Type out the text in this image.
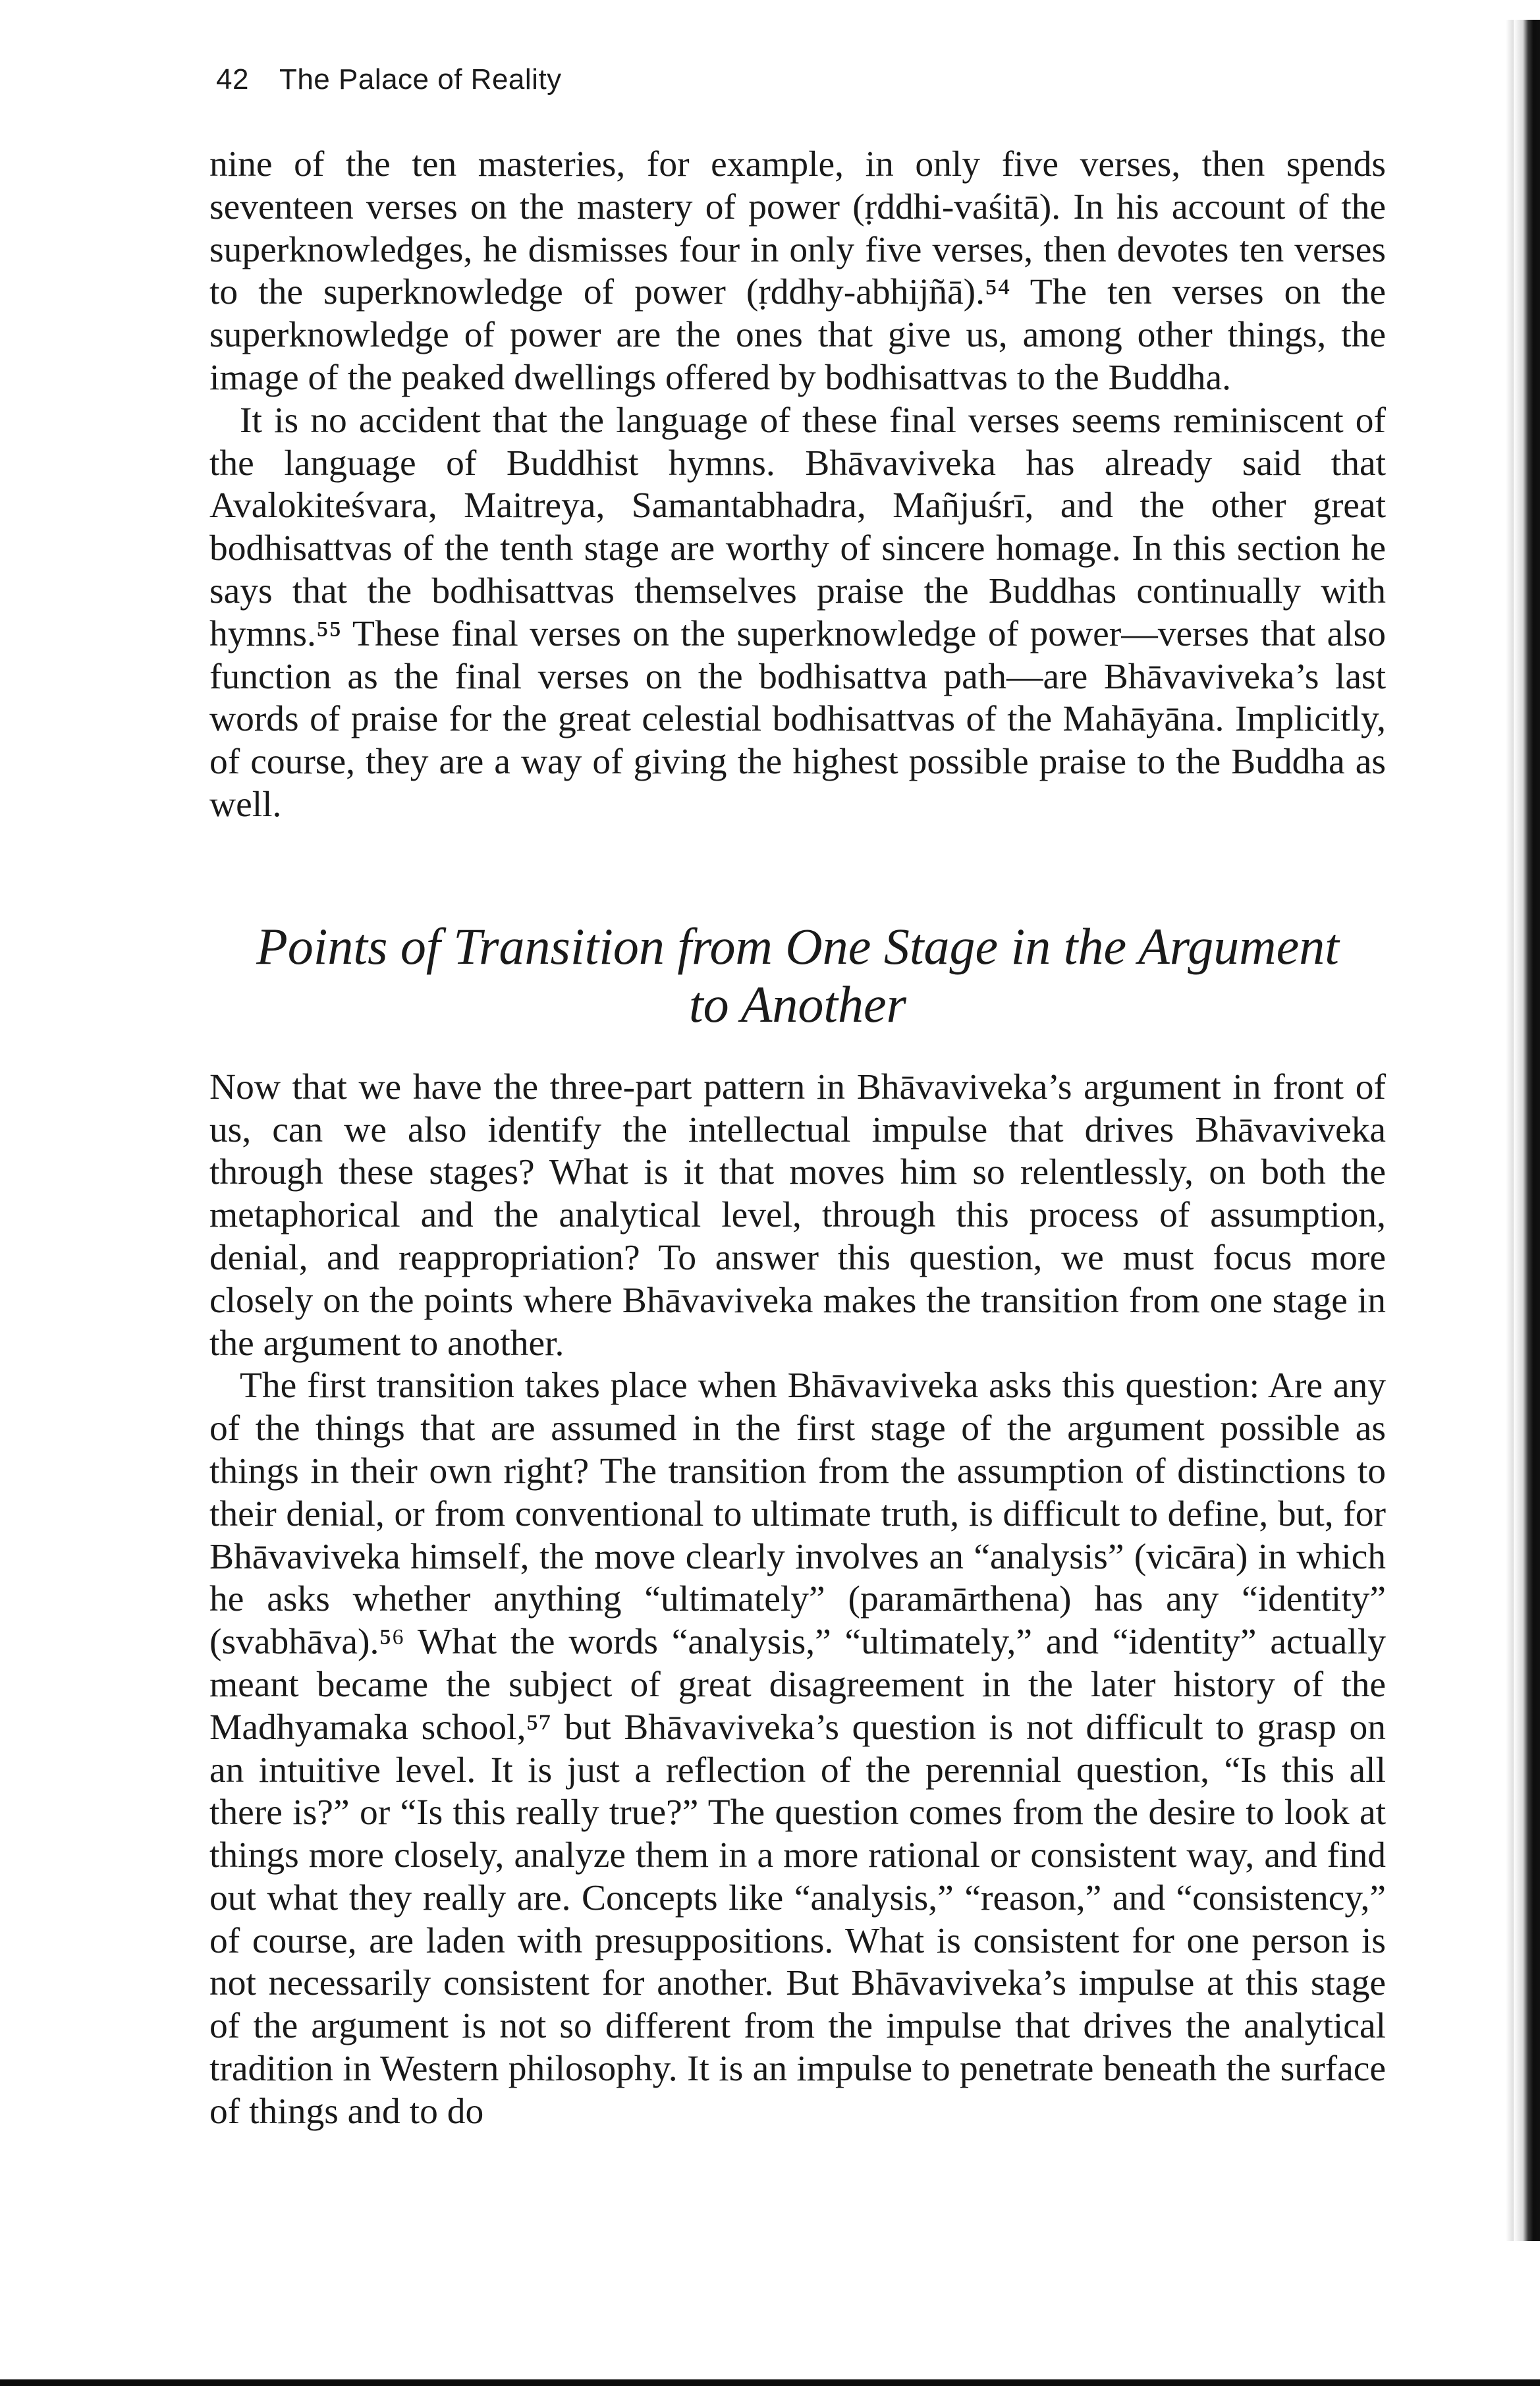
42 The Palace of Reality

nine of the ten masteries, for example, in only five verses, then spends seventeen verses on the mastery of power (ṛddhi-vaśitā). In his account of the superknowledges, he dismisses four in only five verses, then devotes ten verses to the superknowledge of power (ṛddhy-abhijñā).⁵⁴ The ten verses on the superknowledge of power are the ones that give us, among other things, the image of the peaked dwellings offered by bodhisattvas to the Buddha.

It is no accident that the language of these final verses seems reminiscent of the language of Buddhist hymns. Bhāvaviveka has already said that Avalokiteśvara, Maitreya, Samantabhadra, Mañjuśrī, and the other great bodhisattvas of the tenth stage are worthy of sincere homage. In this section he says that the bodhisattvas themselves praise the Buddhas continually with hymns.⁵⁵ These final verses on the superknowledge of power—verses that also function as the final verses on the bodhisattva path—are Bhāvaviveka’s last words of praise for the great celestial bodhisattvas of the Mahāyāna. Implicitly, of course, they are a way of giving the highest possible praise to the Buddha as well.

Points of Transition from One Stage in the Argument to Another

Now that we have the three-part pattern in Bhāvaviveka’s argument in front of us, can we also identify the intellectual impulse that drives Bhāvaviveka through these stages? What is it that moves him so relentlessly, on both the metaphorical and the analytical level, through this process of assumption, denial, and reappropriation? To answer this question, we must focus more closely on the points where Bhāvaviveka makes the transition from one stage in the argument to another.

The first transition takes place when Bhāvaviveka asks this question: Are any of the things that are assumed in the first stage of the argument possible as things in their own right? The transition from the assumption of distinctions to their denial, or from conventional to ultimate truth, is difficult to define, but, for Bhāvaviveka himself, the move clearly involves an “analysis” (vicāra) in which he asks whether anything “ultimately” (paramārthena) has any “identity” (svabhāva).⁵⁶ What the words “analysis,” “ultimately,” and “identity” actually meant became the subject of great disagreement in the later history of the Madhyamaka school,⁵⁷ but Bhāvaviveka’s question is not difficult to grasp on an intuitive level. It is just a reflection of the perennial question, “Is this all there is?” or “Is this really true?” The question comes from the desire to look at things more closely, analyze them in a more rational or consistent way, and find out what they really are. Concepts like “analysis,” “reason,” and “consistency,” of course, are laden with presuppositions. What is consistent for one person is not necessarily consistent for another. But Bhāvaviveka’s impulse at this stage of the argument is not so different from the impulse that drives the analytical tradition in Western philosophy. It is an impulse to penetrate beneath the surface of things and to do
